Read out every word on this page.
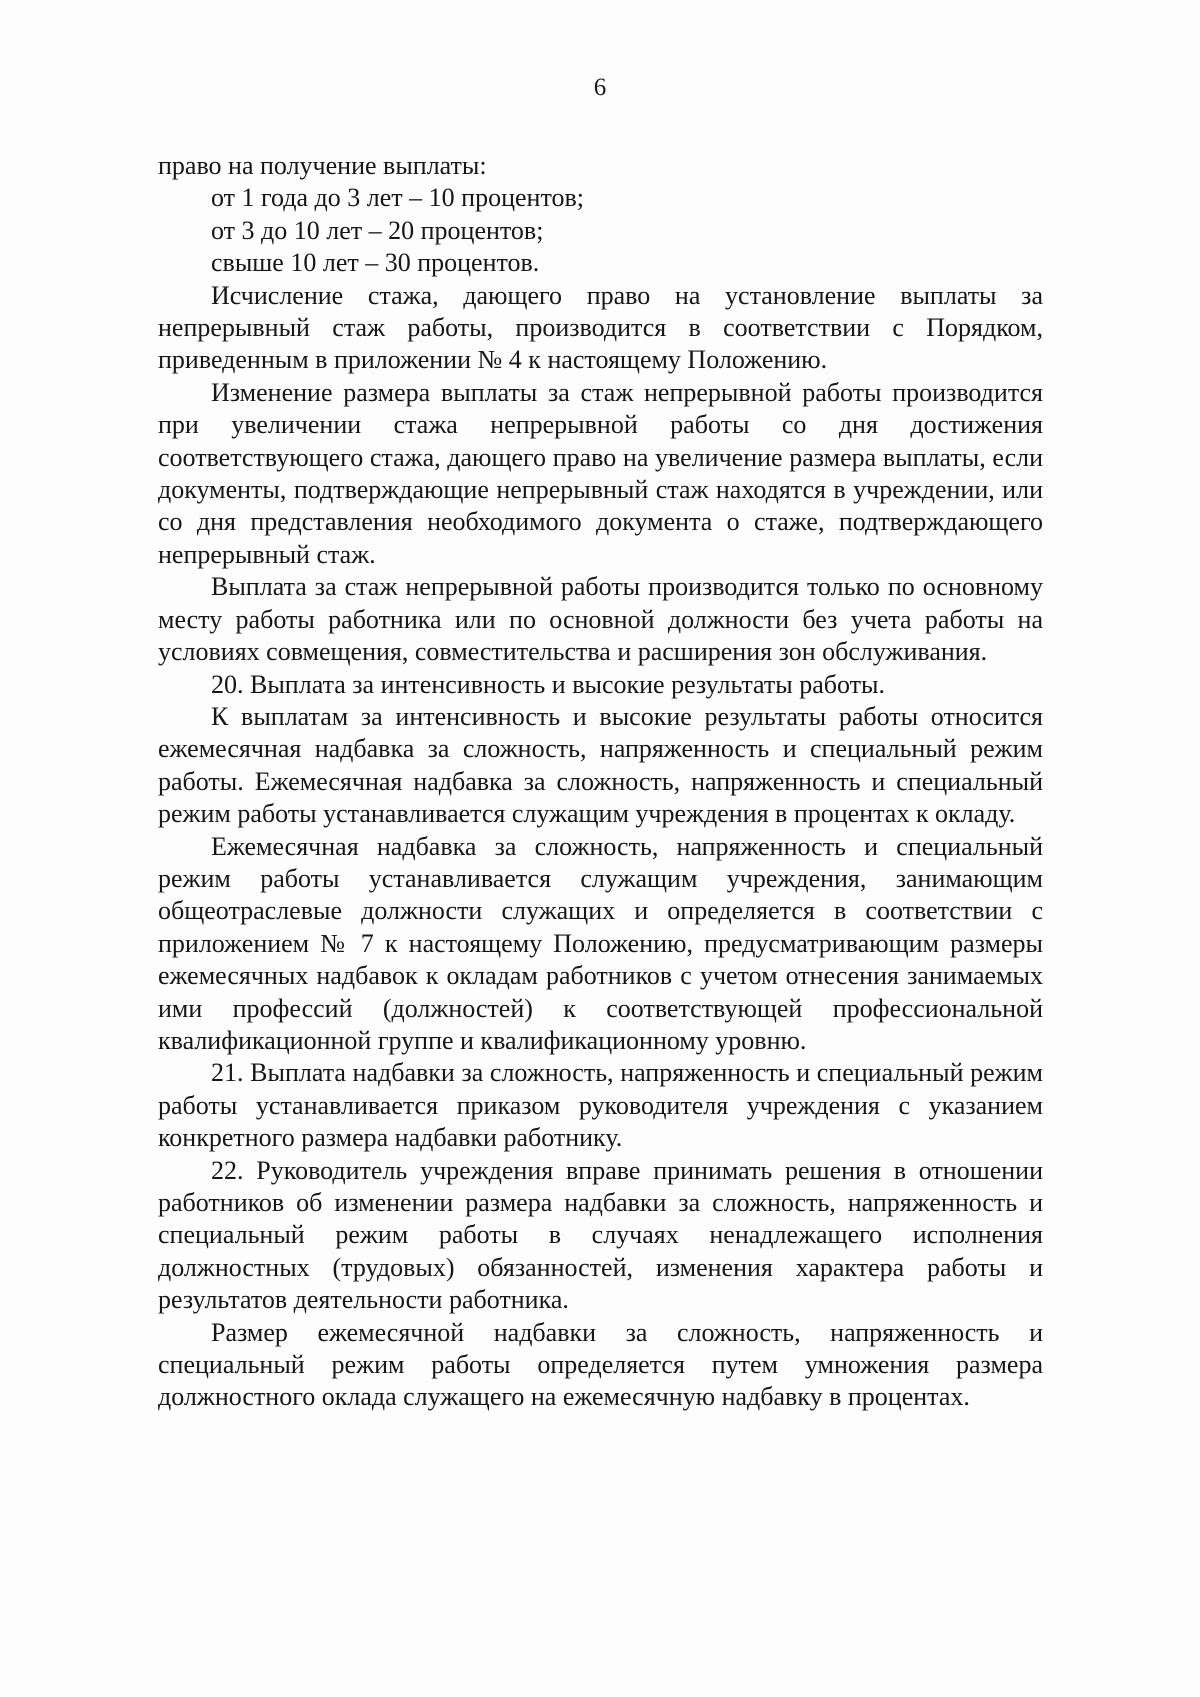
6

право на получение выплаты:

от 1 года до 3 лет – 10 процентов;

от 3 до 10 лет – 20 процентов;

свыше 10 лет – 30 процентов.

Исчисление стажа, дающего право на установление выплаты за непрерывный стаж работы, производится в соответствии с Порядком, приведенным в приложении № 4 к настоящему Положению.

Изменение размера выплаты за стаж непрерывной работы производится при увеличении стажа непрерывной работы со дня достижения соответствующего стажа, дающего право на увеличение размера выплаты, если документы, подтверждающие непрерывный стаж находятся в учреждении, или со дня представления необходимого документа о стаже, подтверждающего непрерывный стаж.

Выплата за стаж непрерывной работы производится только по основному месту работы работника или по основной должности без учета работы на условиях совмещения, совместительства и расширения зон обслуживания.

20. Выплата за интенсивность и высокие результаты работы.

К выплатам за интенсивность и высокие результаты работы относится ежемесячная надбавка за сложность, напряженность и специальный режим работы. Ежемесячная надбавка за сложность, напряженность и специальный режим работы устанавливается служащим учреждения в процентах к окладу.

Ежемесячная надбавка за сложность, напряженность и специальный режим работы устанавливается служащим учреждения, занимающим общеотраслевые должности служащих и определяется в соответствии с приложением № 7 к настоящему Положению, предусматривающим размеры ежемесячных надбавок к окладам работников с учетом отнесения занимаемых ими профессий (должностей) к соответствующей профессиональной квалификационной группе и квалификационному уровню.

21. Выплата надбавки за сложность, напряженность и специальный режим работы устанавливается приказом руководителя учреждения с указанием конкретного размера надбавки работнику.

22. Руководитель учреждения вправе принимать решения в отношении работников об изменении размера надбавки за сложность, напряженность и специальный режим работы в случаях ненадлежащего исполнения должностных (трудовых) обязанностей, изменения характера работы и результатов деятельности работника.

Размер ежемесячной надбавки за сложность, напряженность и специальный режим работы определяется путем умножения размера должностного оклада служащего на ежемесячную надбавку в процентах.
